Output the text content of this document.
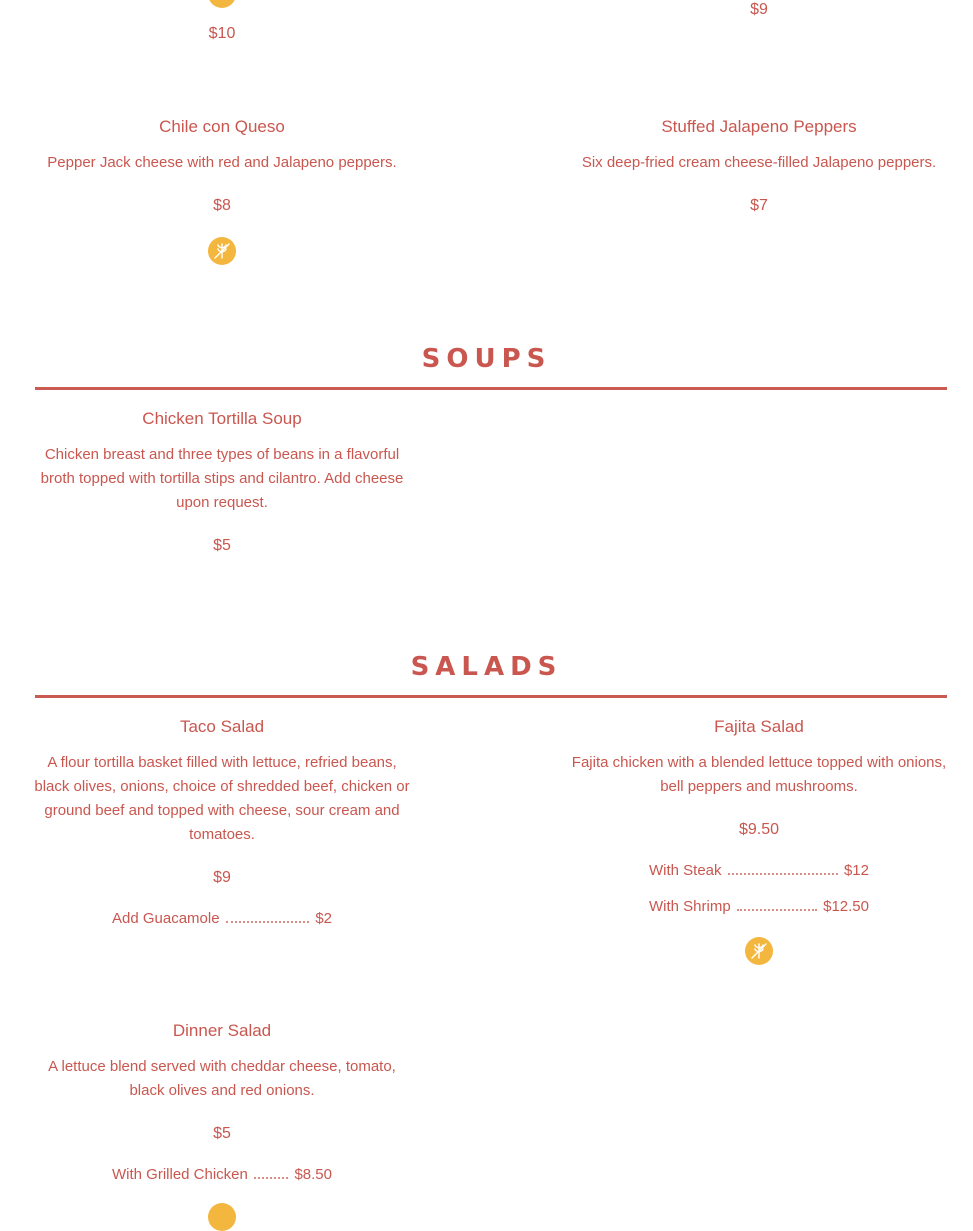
$10
$9
Chile con Queso
Pepper Jack cheese with red and Jalapeno peppers.
$8
Stuffed Jalapeno Peppers
Six deep-fried cream cheese-filled Jalapeno peppers.
$7
SOUPS
Chicken Tortilla Soup
Chicken breast and three types of beans in a flavorful
broth topped with tortilla stips and cilantro. Add cheese
upon request.
$5
SALADS
Taco Salad
A flour tortilla basket filled with lettuce, refried beans,
black olives, onions, choice of shredded beef, chicken or
ground beef and topped with cheese, sour cream and
tomatoes.
$9
Add Guacamole	$2
Fajita Salad
Fajita chicken with a blended lettuce topped with onions,
bell peppers and mushrooms.
$9.50
With Steak	$12
With Shrimp	$12.50
Dinner Salad
A lettuce blend served with cheddar cheese, tomato,
black olives and red onions.
$5
With Grilled Chicken	$8.50
